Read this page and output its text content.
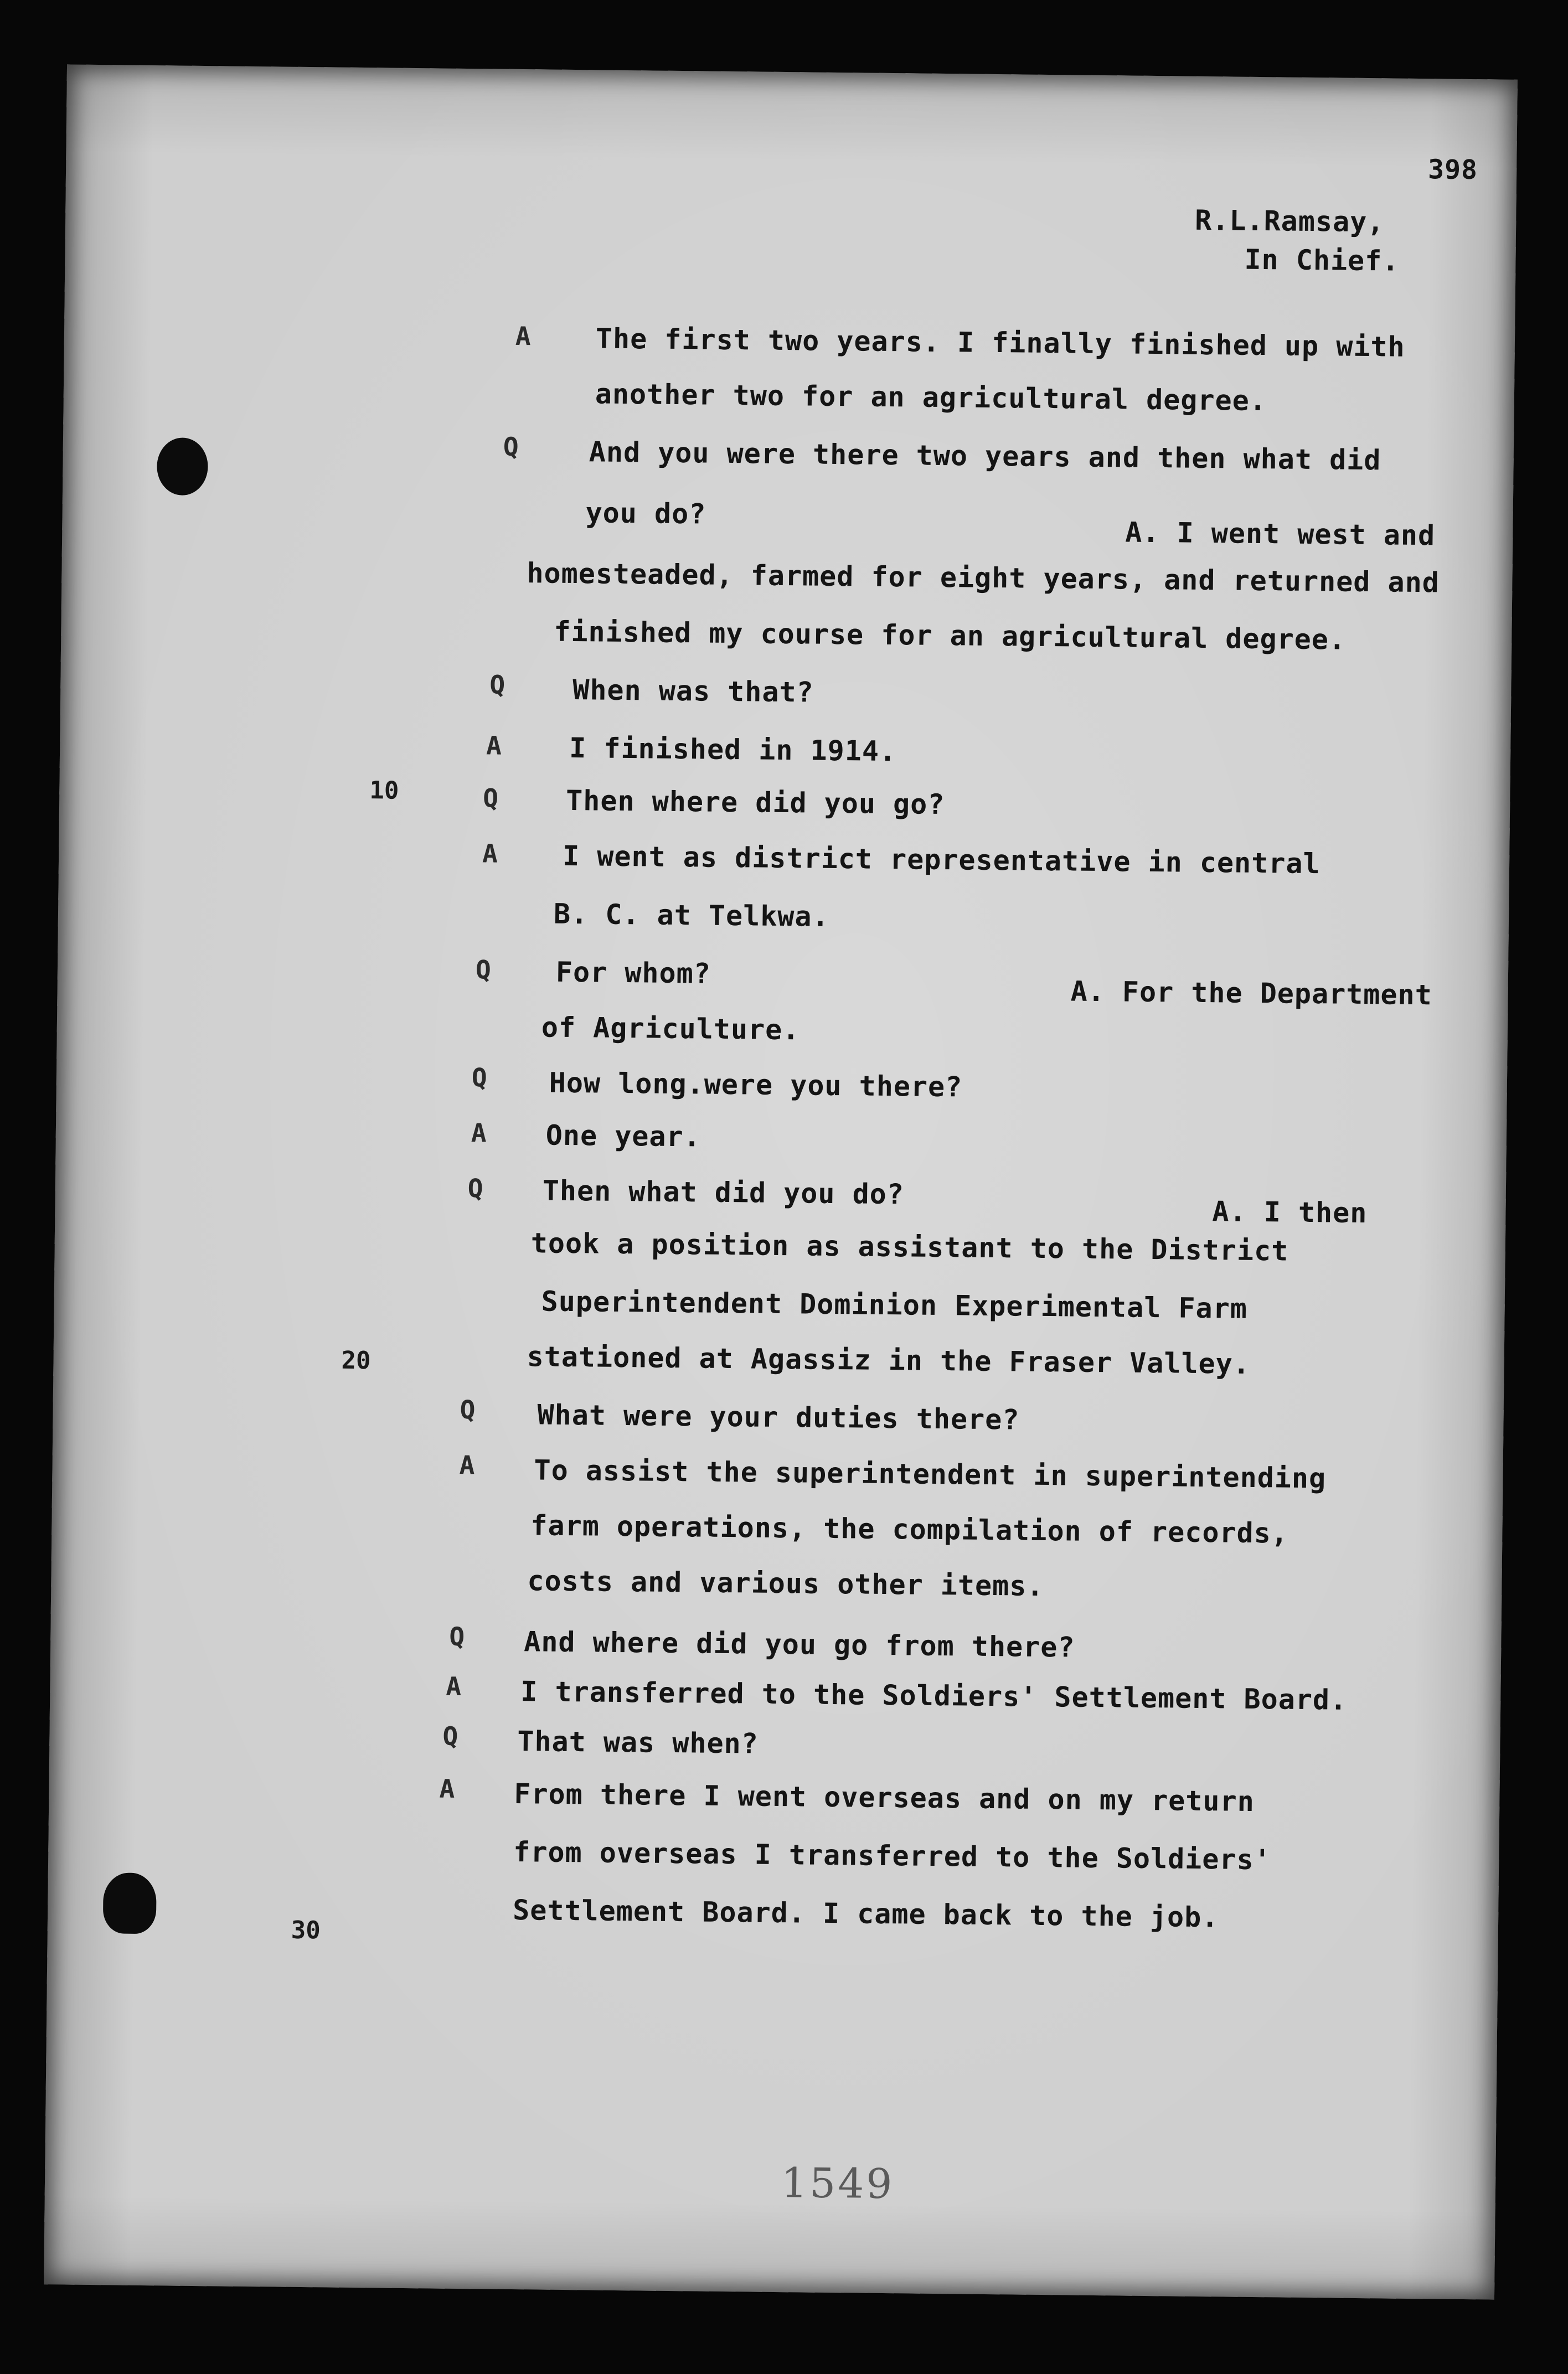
398
R.L.Ramsay,
In Chief.
10
20
30
A The first two years. I finally finished up with
another two for an agricultural degree.
Q	And you were there two years and then what did
you do?
A. I went west and
homesteaded, farmed for eight years, and returned and
finished my course for an agricultural degree.
Q When was that?
A I finished in 1914.
Q Then where did you go?
A I went as district representative in central
B. C. at Telkwa.
Q For whom?
A. For the Department
of Agriculture.
Q How long.were you there?
A One year.
Q Then what did you do?
A. I then
took a position as assistant to the District
Superintendent Dominion Experimental Farm
stationed at Agassiz in the Fraser Valley.
Q What were your duties there?
A To assist the superintendent in superintending
farm operations, the compilation of records,
costs and various other items.
Q And where did you go from there?
A I transferred to the Soldiers' Settlement Board.
Q That was when?
A From there I went overseas and on my return
from overseas I transferred to the Soldiers'
Settlement Board. I came back to the job.
1549
